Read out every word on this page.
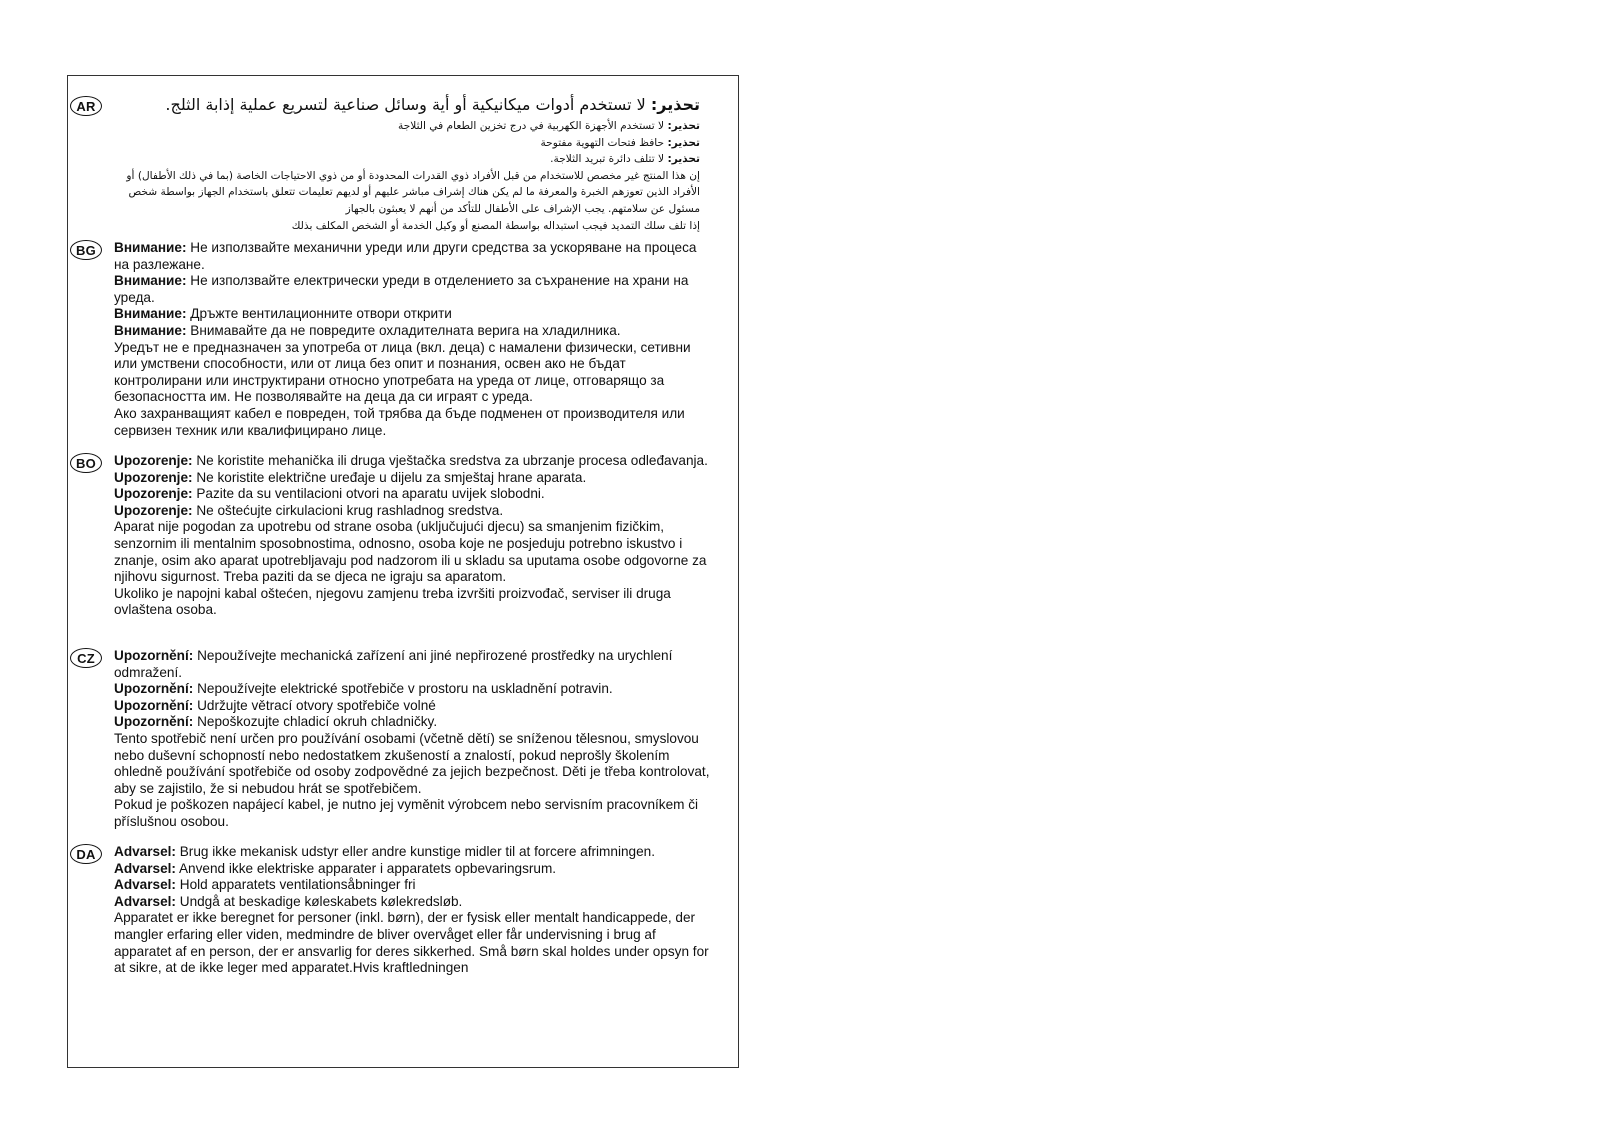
AR	تحذير: لا تستخدم أدوات ميكانيكية أو أية وسائل صناعية لتسريع عملية إذابة الثلج.

تحذير: لا تستخدم الأجهزة الكهربية في درج تخزين الطعام في الثلاجة

تحذير: حافظ فتحات التهوية مفتوحة

تحذير: لا تتلف دائرة تبريد الثلاجة.

إن هذا المنتج غير مخصص للاستخدام من قبل الأفراد ذوي القدرات المحدودة أو من ذوي الاحتياجات الخاصة (بما في ذلك الأطفال) أو الأفراد الذين تعوزهم الخبرة والمعرفة ما لم يكن هناك إشراف مباشر عليهم أو لديهم تعليمات تتعلق باستخدام الجهاز بواسطة شخص مسئول عن سلامتهم. يجب الإشراف على الأطفال للتأكد من أنهم لا يعبثون بالجهاز

إذا تلف سلك التمديد فيجب استبداله بواسطة المصنع أو وكيل الخدمة أو الشخص المكلف بذلك

BG	Внимание: Не използвайте механични уреди или други средства за ускоряване на процеса на разлежане.

Внимание: Не използвайте електрически уреди в отделението за съхранение на храни на уреда.

Внимание: Дръжте вентилационните отвори открити

Внимание: Внимавайте да не повредите охладителната верига на хладилника.

Уредът не е предназначен за употреба от лица (вкл. деца) с намалени физически, сетивни или умствени способности, или от лица без опит и познания, освен ако не бъдат контролирани или инструктирани относно употребата на уреда от лице, отговарящо за безопасността им. Не позволявайте на деца да си играят с уреда.

Ако захранващият кабел е повреден, той трябва да бъде подменен от производителя или сервизен техник или квалифицирано лице.

BO	Upozorenje: Ne koristite mehanička ili druga vještačka sredstva za ubrzanje procesa odleđavanja.

Upozorenje: Ne koristite električne uređaje u dijelu za smještaj hrane aparata.

Upozorenje: Pazite da su ventilacioni otvori na aparatu uvijek slobodni.

Upozorenje: Ne oštećujte cirkulacioni krug rashladnog sredstva.

Aparat nije pogodan za upotrebu od strane osoba (uključujući djecu) sa smanjenim fizičkim, senzornim ili mentalnim sposobnostima, odnosno, osoba koje ne posjeduju potrebno iskustvo i znanje, osim ako aparat upotrebljavaju pod nadzorom ili u skladu sa uputama osobe odgovorne za njihovu sigurnost. Treba paziti da se djeca ne igraju sa aparatom.

Ukoliko je napojni kabal oštećen, njegovu zamjenu treba izvršiti proizvođač, serviser ili druga ovlaštena osoba.

CZ	Upozornění: Nepoužívejte mechanická zařízení ani jiné nepřirozené prostředky na urychlení odmražení.

Upozornění: Nepoužívejte elektrické spotřebiče v prostoru na uskladnění potravin.

Upozornění: Udržujte větrací otvory spotřebiče volné

Upozornění: Nepoškozujte chladicí okruh chladničky.

Tento spotřebič není určen pro používání osobami (včetně dětí) se sníženou tělesnou, smyslovou nebo duševní schopností nebo nedostatkem zkušeností a znalostí, pokud neprošly školením ohledně používání spotřebiče od osoby zodpovědné za jejich bezpečnost. Děti je třeba kontrolovat, aby se zajistilo, že si nebudou hrát se spotřebičem.

Pokud je poškozen napájecí kabel, je nutno jej vyměnit výrobcem nebo servisním pracovníkem či příslušnou osobou.

DA	Advarsel: Brug ikke mekanisk udstyr eller andre kunstige midler til at forcere afrimningen.

Advarsel: Anvend ikke elektriske apparater i apparatets opbevaringsrum.

Advarsel: Hold apparatets ventilationsåbninger fri

Advarsel: Undgå at beskadige køleskabets kølekredsløb.

Apparatet er ikke beregnet for personer (inkl. børn), der er fysisk eller mentalt handicappede, der mangler erfaring eller viden, medmindre de bliver overvåget eller får undervisning i brug af apparatet af en person, der er ansvarlig for deres sikkerhed. Små børn skal holdes under opsyn for at sikre, at de ikke leger med apparatet.Hvis kraftledningen
